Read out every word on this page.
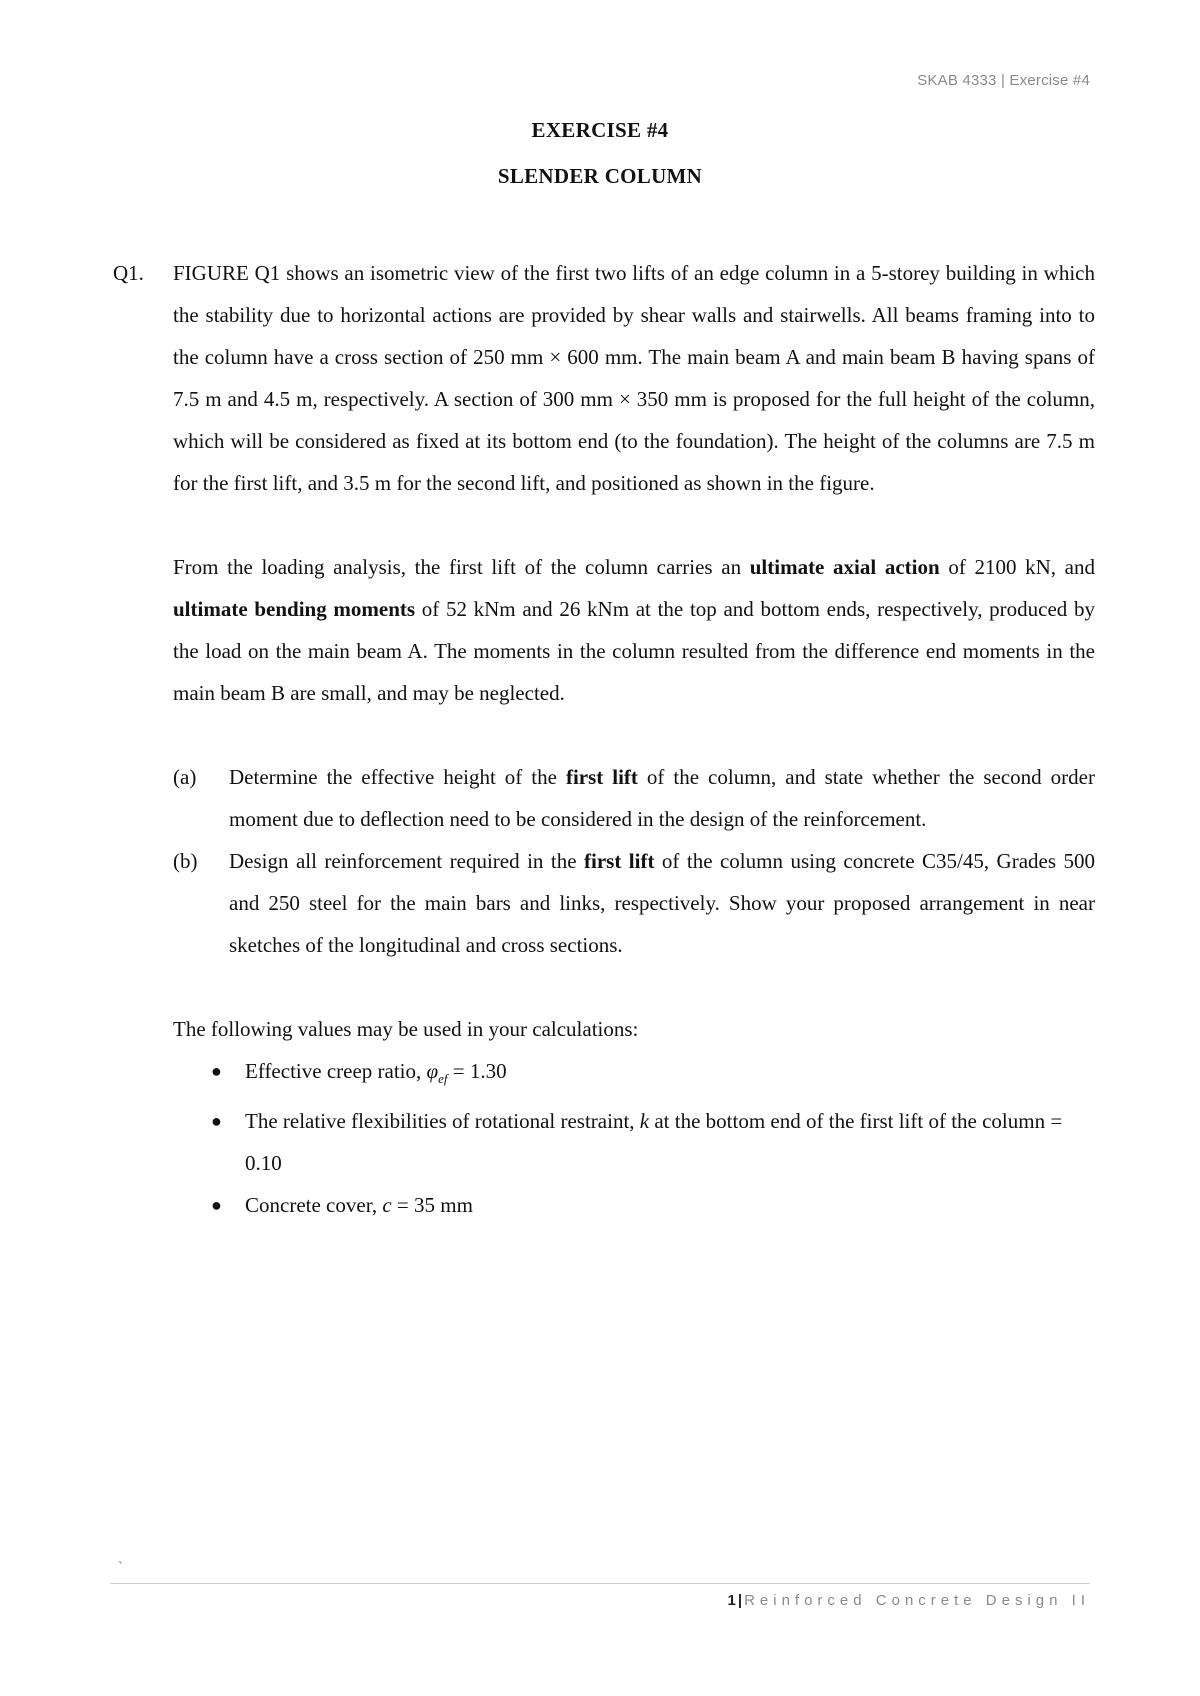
SKAB 4333 | Exercise #4
EXERCISE #4
SLENDER COLUMN
Q1. FIGURE Q1 shows an isometric view of the first two lifts of an edge column in a 5-storey building in which the stability due to horizontal actions are provided by shear walls and stairwells. All beams framing into to the column have a cross section of 250 mm × 600 mm. The main beam A and main beam B having spans of 7.5 m and 4.5 m, respectively. A section of 300 mm × 350 mm is proposed for the full height of the column, which will be considered as fixed at its bottom end (to the foundation). The height of the columns are 7.5 m for the first lift, and 3.5 m for the second lift, and positioned as shown in the figure.

From the loading analysis, the first lift of the column carries an ultimate axial action of 2100 kN, and ultimate bending moments of 52 kNm and 26 kNm at the top and bottom ends, respectively, produced by the load on the main beam A. The moments in the column resulted from the difference end moments in the main beam B are small, and may be neglected.

(a) Determine the effective height of the first lift of the column, and state whether the second order moment due to deflection need to be considered in the design of the reinforcement.
(b) Design all reinforcement required in the first lift of the column using concrete C35/45, Grades 500 and 250 steel for the main bars and links, respectively. Show your proposed arrangement in near sketches of the longitudinal and cross sections.
The following values may be used in your calculations:
● Effective creep ratio, $\varphi_{ef} = 1.30$
● The relative flexibilities of rotational restraint, k at the bottom end of the first lift of the column = 0.10
● Concrete cover, c = 35 mm
`
1|Reinforced Concrete Design II
